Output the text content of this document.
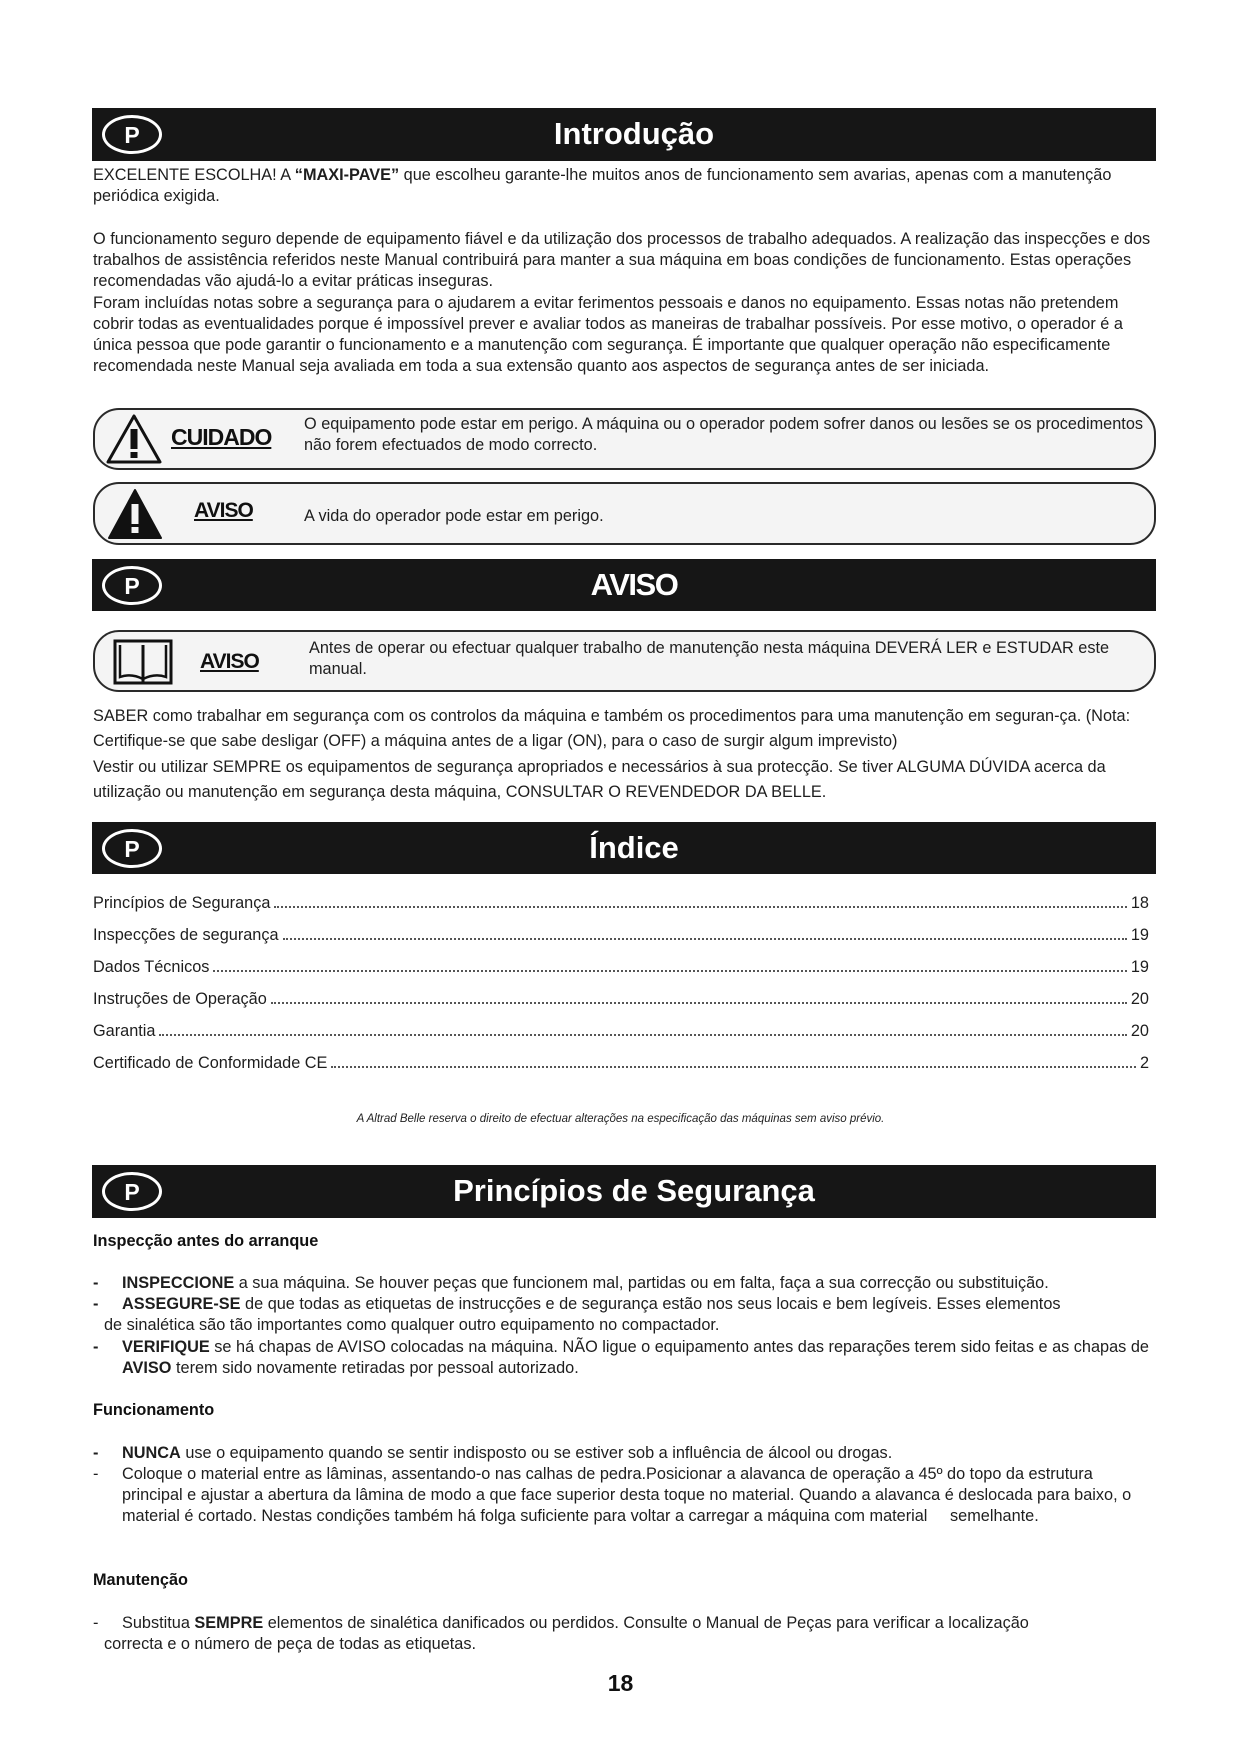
P	Introdução
EXCELENTE ESCOLHA! A “MAXI-PAVE” que escolheu garante-lhe muitos anos de funcionamento sem avarias, apenas com a manutenção periódica exigida.
O funcionamento seguro depende de equipamento fiável e da utilização dos processos de trabalho adequados. A realização das inspecções e dos trabalhos de assistência referidos neste Manual contribuirá para manter a sua máquina em boas condições de funcionamento. Estas operações recomendadas vão ajudá-lo a evitar práticas inseguras.
Foram incluídas notas sobre a segurança para o ajudarem a evitar ferimentos pessoais e danos no equipamento. Essas notas não pretendem cobrir todas as eventualidades porque é impossível prever e avaliar todos as maneiras de trabalhar possíveis. Por esse motivo, o operador é a única pessoa que pode garantir o funcionamento e a manutenção com segurança. É importante que qualquer operação não especificamente recomendada neste Manual seja avaliada em toda a sua extensão quanto aos aspectos de segurança antes de ser iniciada.
CUIDADO O equipamento pode estar em perigo. A máquina ou o operador podem sofrer danos ou lesões se os procedimentos não forem efectuados de modo correcto.
AVISO	A vida do operador pode estar em perigo.
P	AVISO
AVISO
Antes de operar ou efectuar qualquer trabalho de manutenção nesta máquina DEVERÁ LER e ESTUDAR este manual.
SABER como trabalhar em segurança com os controlos da máquina e também os procedimentos para uma manutenção em seguran-ça. (Nota: Certifique-se que sabe desligar (OFF) a máquina antes de a ligar (ON), para o caso de surgir algum imprevisto)
Vestir ou utilizar SEMPRE os equipamentos de segurança apropriados e necessários à sua protecção. Se tiver ALGUMA DÚVIDA acerca da utilização ou manutenção em segurança desta máquina, CONSULTAR O REVENDEDOR DA BELLE.
P	Índice
Princípios de Segurança	18
Inspecções de segurança	19
Dados Técnicos	19
Instruções de Operação	20
Garantia	20
Certificado de Conformidade CE	2
A Altrad Belle reserva o direito de efectuar alterações na especificação das máquinas sem aviso prévio.
P	Princípios de Segurança
Inspecção antes do arranque
-	INSPECCIONE a sua máquina. Se houver peças que funcionem mal, partidas ou em falta, faça a sua correcção ou substituição.
-	ASSEGURE-SE de que todas as etiquetas de instrucções e de segurança estão nos seus locais e bem legíveis. Esses elementos
de sinalética são tão importantes como qualquer outro equipamento no compactador.
-	VERIFIQUE se há chapas de AVISO colocadas na máquina. NÃO ligue o equipamento antes das reparações terem sido feitas e as chapas de AVISO terem sido novamente retiradas por pessoal autorizado.
Funcionamento
-	NUNCA use o equipamento quando se sentir indisposto ou se estiver sob a influência de álcool ou drogas.
-	Coloque o material entre as lâminas, assentando-o nas calhas de pedra.Posicionar a alavanca de operação a 45º do topo da estrutura principal e ajustar a abertura da lâmina de modo a que face superior desta toque no material. Quando a alavanca é deslocada para baixo, o material é cortado. Nestas condições também há folga suficiente para voltar a carregar a máquina com material     semelhante.
Manutenção
-	Substitua SEMPRE elementos de sinalética danificados ou perdidos. Consulte o Manual de Peças para verificar a localização
correcta e o número de peça de todas as etiquetas.
18
